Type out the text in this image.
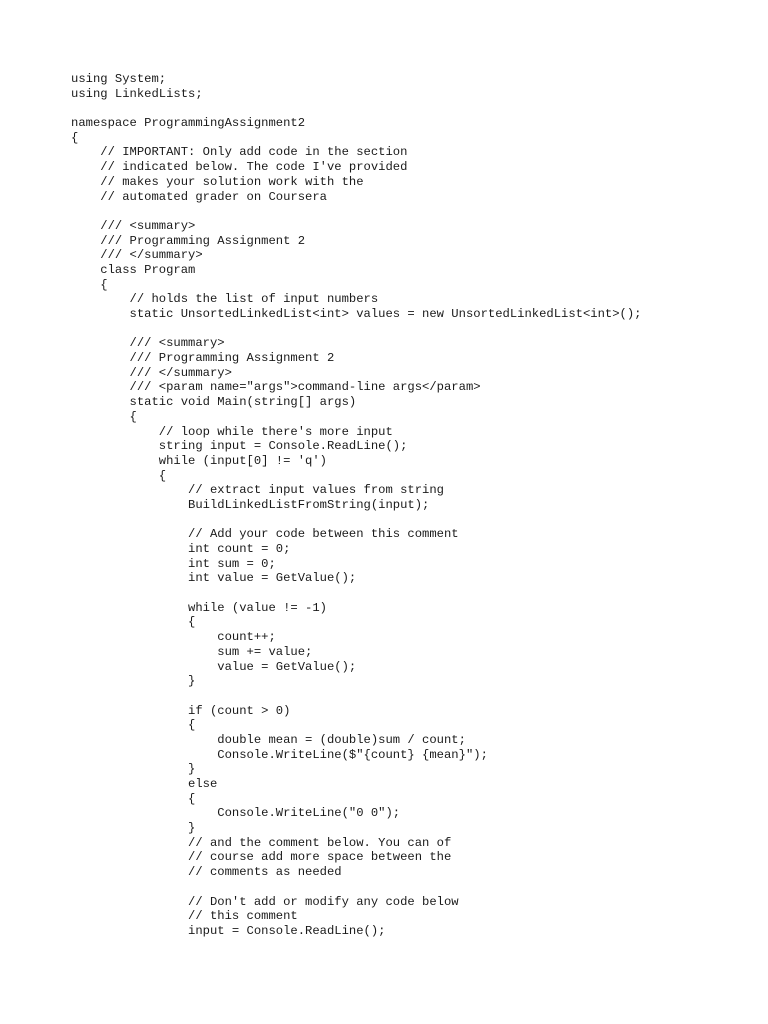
using System;
using LinkedLists;
namespace ProgrammingAssignment2
{
// IMPORTANT: Only add code in the section
// indicated below. The code I've provided
// makes your solution work with the
// automated grader on Coursera
/// <summary>
/// Programming Assignment 2
/// </summary>
class Program
{
// holds the list of input numbers
static UnsortedLinkedList<int> values = new UnsortedLinkedList<int>();
/// <summary>
/// Programming Assignment 2
/// </summary>
/// <param name="args">command-line args</param>
static void Main(string[] args)
{
// loop while there's more input
string input = Console.ReadLine();
while (input[0] != 'q')
{
// extract input values from string
BuildLinkedListFromString(input);
// Add your code between this comment
int count = 0;
int sum = 0;
int value = GetValue();
while (value != -1)
{
count++;
sum += value;
value = GetValue();
}
if (count > 0)
{
double mean = (double)sum / count;
Console.WriteLine($"{count} {mean}");
}
else
{
Console.WriteLine("0 0");
}
// and the comment below. You can of
// course add more space between the
// comments as needed
// Don't add or modify any code below
// this comment
input = Console.ReadLine();
